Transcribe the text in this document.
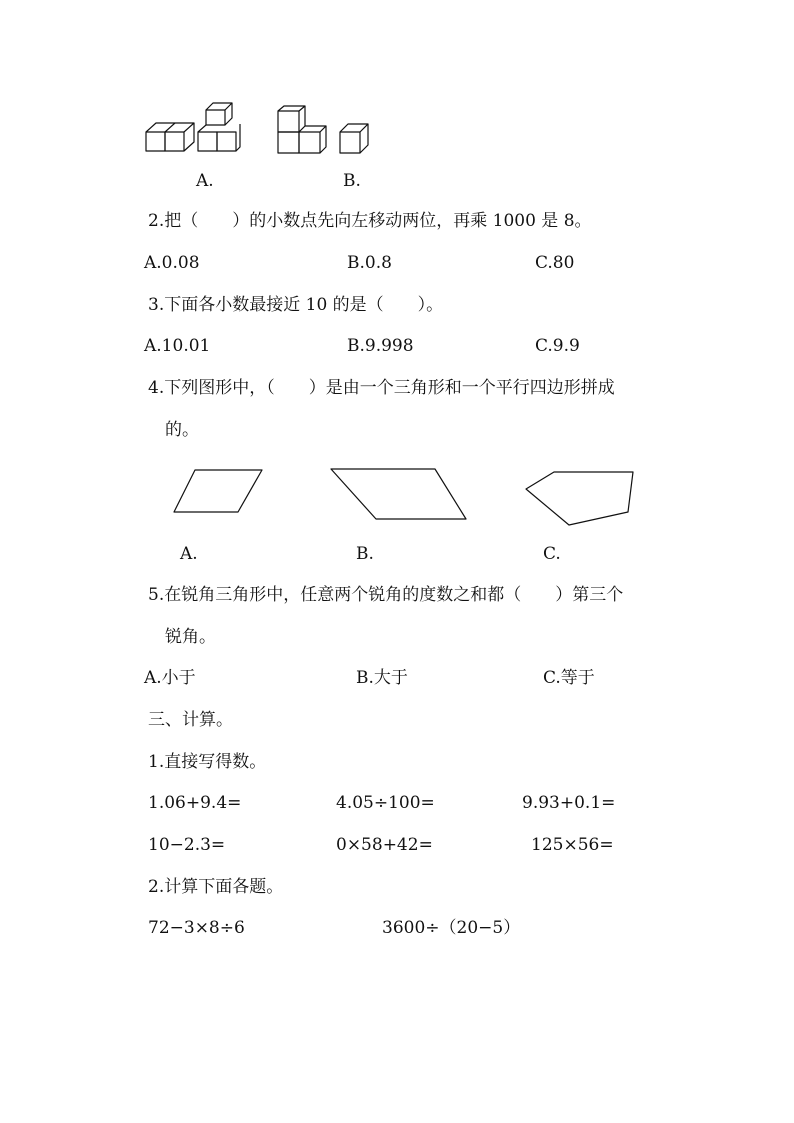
A.	B.
2.把（　　）的小数点先向左移动两位，再乘 1000 是 8。
A.0.08	B.0.8	C.80
3.下面各小数最接近 10 的是（　　）。
A.10.01	B.9.998	C.9.9
4.下列图形中，（　　）是由一个三角形和一个平行四边形拼成
的。
A.	B.	C.
5.在锐角三角形中，任意两个锐角的度数之和都（　　）第三个
锐角。
A.小于	B.大于	C.等于
三、计算。
1.直接写得数。
1.06+9.4=	4.05÷100=	9.93+0.1=
10−2.3=	0×58+42=	125×56=
2.计算下面各题。
72−3×8÷6	3600÷（20−5）
